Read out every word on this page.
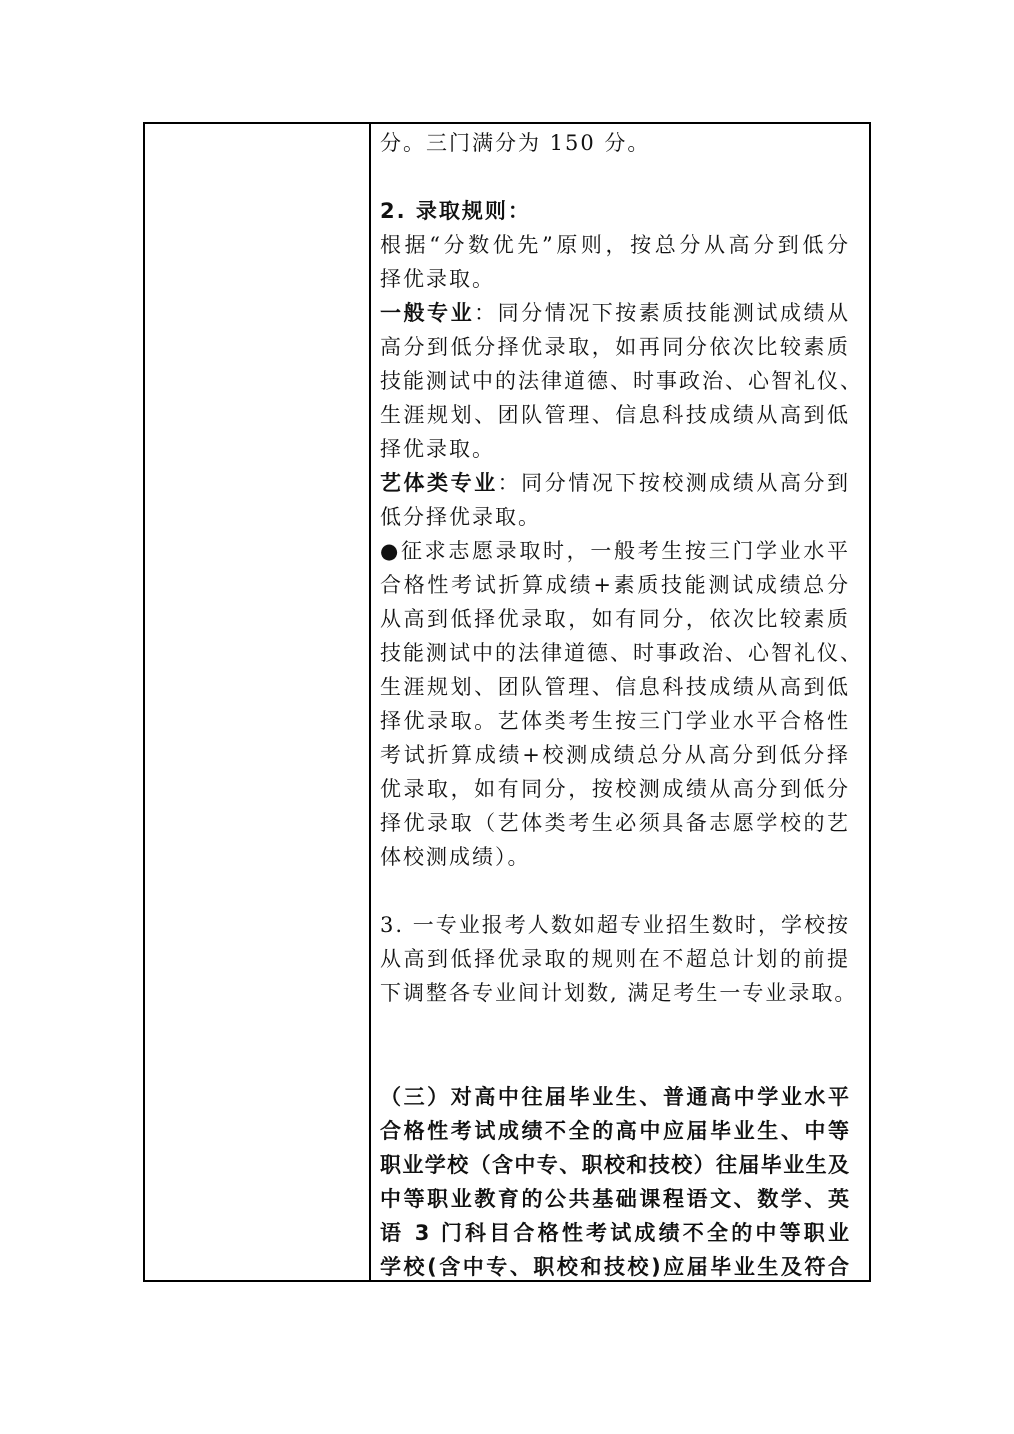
分。三门满分为 150 分。
2. 录取规则：
根据“分数优先”原则，按总分从高分到低分
择优录取。
一般专业：同分情况下按素质技能测试成绩从
高分到低分择优录取，如再同分依次比较素质
技能测试中的法律道德、时事政治、心智礼仪、
生涯规划、团队管理、信息科技成绩从高到低
择优录取。
艺体类专业：同分情况下按校测成绩从高分到
低分择优录取。
●征求志愿录取时，一般考生按三门学业水平
合格性考试折算成绩+素质技能测试成绩总分
从高到低择优录取，如有同分，依次比较素质
技能测试中的法律道德、时事政治、心智礼仪、
生涯规划、团队管理、信息科技成绩从高到低
择优录取。艺体类考生按三门学业水平合格性
考试折算成绩+校测成绩总分从高分到低分择
优录取，如有同分，按校测成绩从高分到低分
择优录取（艺体类考生必须具备志愿学校的艺
体校测成绩）。
3. 一专业报考人数如超专业招生数时，学校按
从高到低择优录取的规则在不超总计划的前提
下调整各专业间计划数, 满足考生一专业录取。
（三）对高中往届毕业生、普通高中学业水平
合格性考试成绩不全的高中应届毕业生、中等
职业学校（含中专、职校和技校）往届毕业生及
中等职业教育的公共基础课程语文、数学、英
语 3 门科目合格性考试成绩不全的中等职业
学校(含中专、职校和技校)应届毕业生及符合
